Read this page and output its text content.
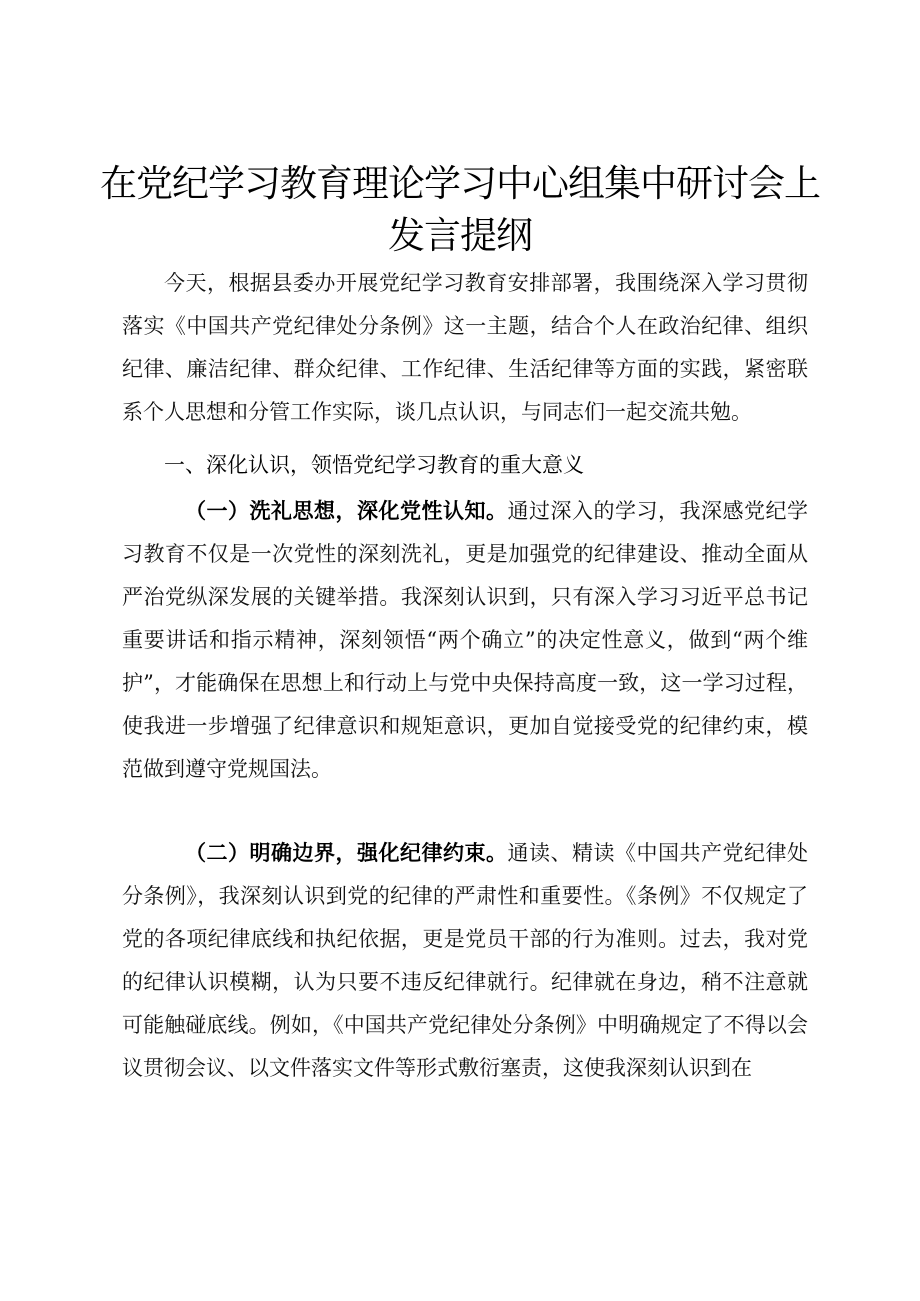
在党纪学习教育理论学习中心组集中研讨会上
发言提纲
今天，根据县委办开展党纪学习教育安排部署，我围绕深入学习贯彻落实《中国共产党纪律处分条例》这一主题，结合个人在政治纪律、组织纪律、廉洁纪律、群众纪律、工作纪律、生活纪律等方面的实践，紧密联系个人思想和分管工作实际，谈几点认识，与同志们一起交流共勉。
一、深化认识，领悟党纪学习教育的重大意义
（一）洗礼思想，深化党性认知。通过深入的学习，我深感党纪学习教育不仅是一次党性的深刻洗礼，更是加强党的纪律建设、推动全面从严治党纵深发展的关键举措。我深刻认识到，只有深入学习习近平总书记重要讲话和指示精神，深刻领悟“两个确立”的决定性意义，做到“两个维护”，才能确保在思想上和行动上与党中央保持高度一致，这一学习过程，使我进一步增强了纪律意识和规矩意识，更加自觉接受党的纪律约束，模范做到遵守党规国法。
（二）明确边界，强化纪律约束。通读、精读《中国共产党纪律处分条例》，我深刻认识到党的纪律的严肃性和重要性。《条例》不仅规定了党的各项纪律底线和执纪依据，更是党员干部的行为准则。过去，我对党的纪律认识模糊，认为只要不违反纪律就行。纪律就在身边，稍不注意就可能触碰底线。例如，《中国共产党纪律处分条例》中明确规定了不得以会议贯彻会议、以文件落实文件等形式敷衍塞责，这使我深刻认识到在
